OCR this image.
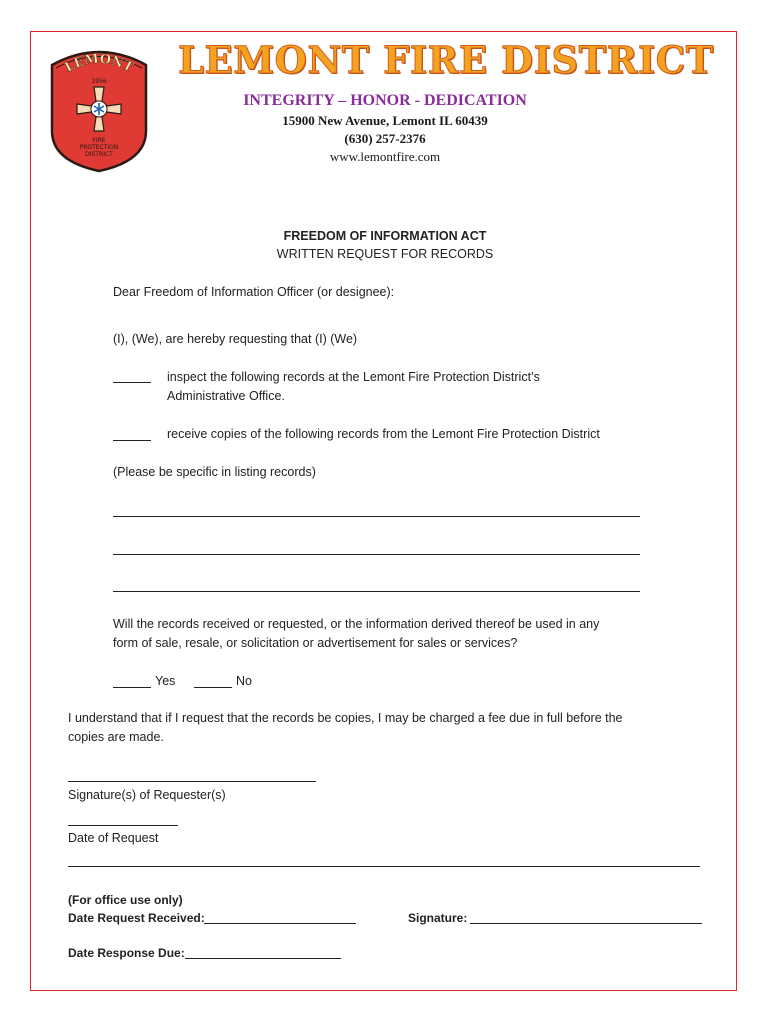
LEMONT
1956
FIRE
PROTECTION
DISTRICT
LEMONT FIRE DISTRICT
INTEGRITY – HONOR - DEDICATION
15900 New Avenue, Lemont IL 60439
(630) 257-2376
www.lemontfire.com
FREEDOM OF INFORMATION ACT
WRITTEN REQUEST FOR RECORDS
Dear Freedom of Information Officer (or designee):
(I), (We), are hereby requesting that (I) (We)
inspect the following records at the Lemont Fire Protection District’s
Administrative Office.
receive copies of the following records from the Lemont Fire Protection District
(Please be specific in listing records)
Will the records received or requested, or the information derived thereof be used in any
form of sale, resale, or solicitation or advertisement for sales or services?
Yes	No
I understand that if I request that the records be copies, I may be charged a fee due in full before the
copies are made.
Signature(s) of Requester(s)
Date of Request
(For office use only)
Date Request Received:	Signature:
Date Response Due:
